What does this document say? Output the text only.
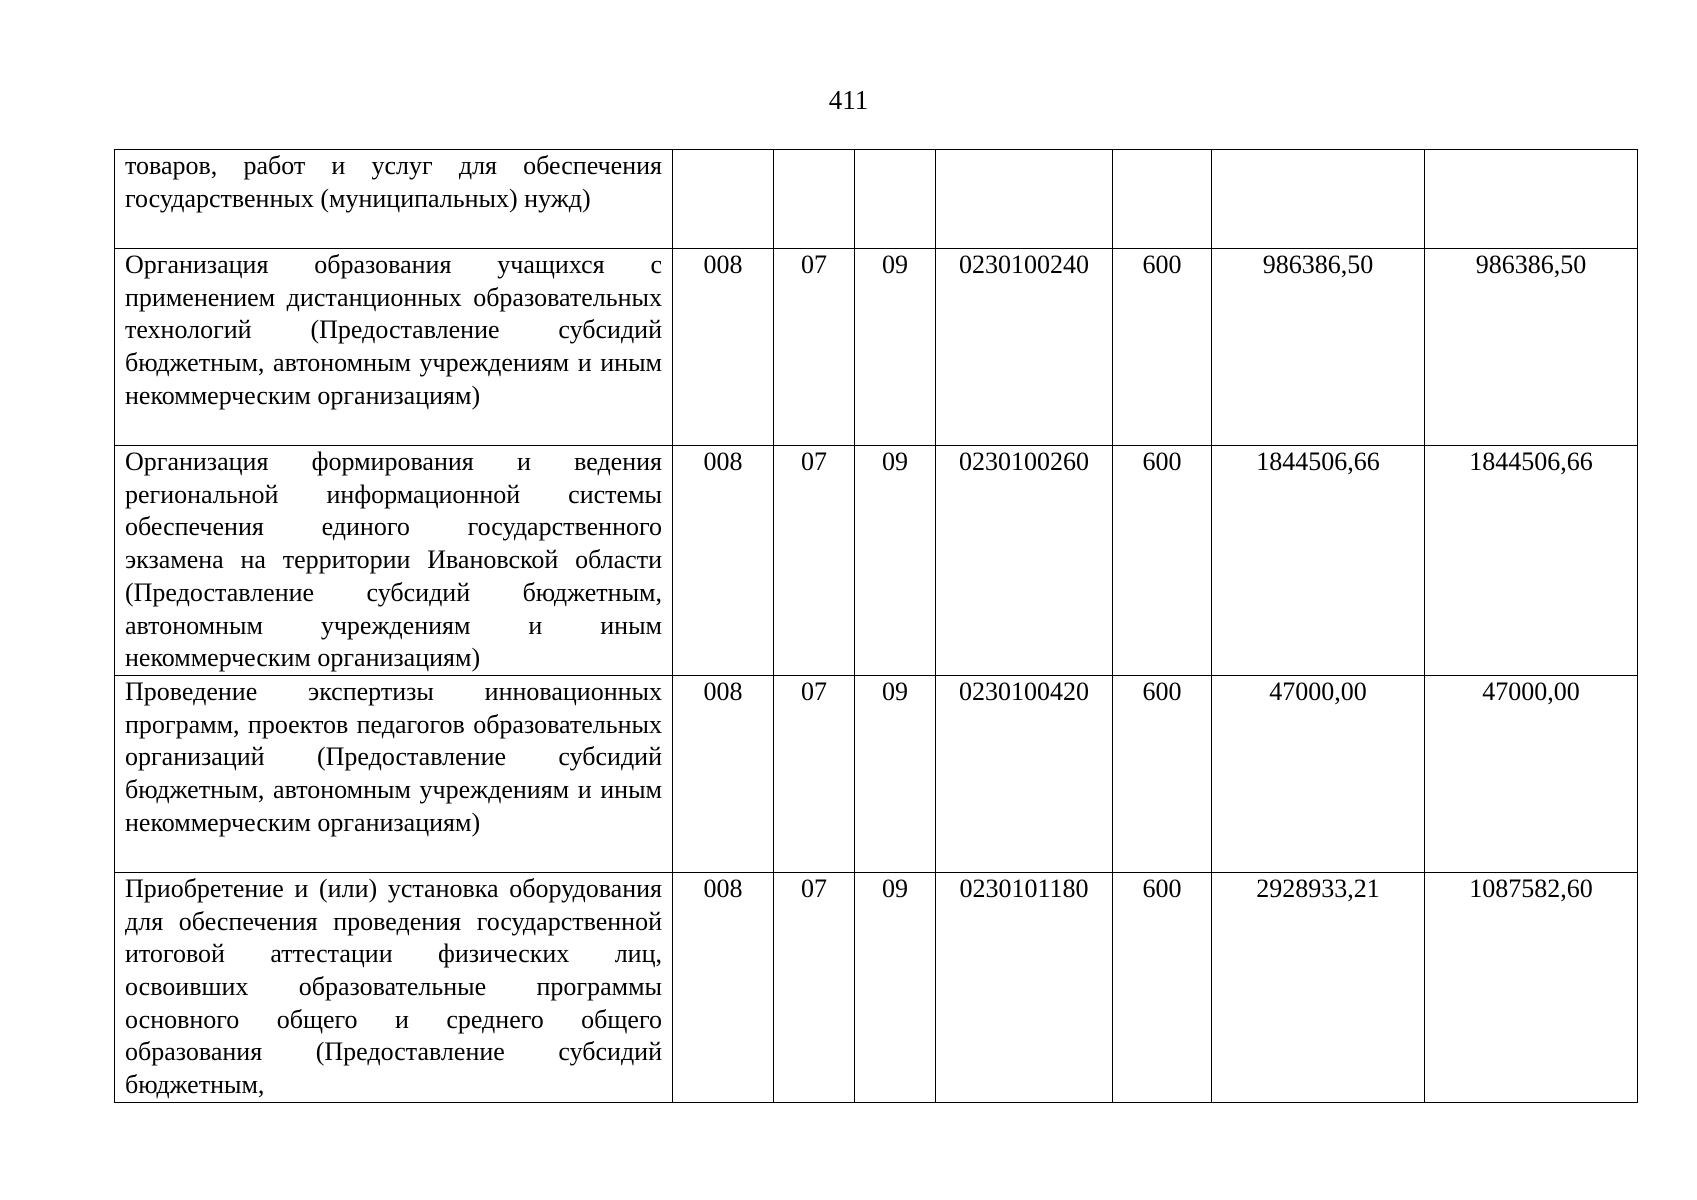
411
товаров, работ и услуг для обеспечения государственных (муниципальных) нужд)							
Организация образования учащихся с применением дистанционных образовательных технологий (Предоставление субсидий бюджетным, автономным учреждениям и иным некоммерческим организациям)	008	07	09	0230100240	600	986386,50	986386,50
Организация формирования и ведения региональной информационной системы обеспечения единого государственного экзамена на территории Ивановской области (Предоставление субсидий бюджетным, автономным учреждениям и иным некоммерческим организациям)	008	07	09	0230100260	600	1844506,66	1844506,66
Проведение экспертизы инновационных программ, проектов педагогов образовательных организаций (Предоставление субсидий бюджетным, автономным учреждениям и иным некоммерческим организациям)	008	07	09	0230100420	600	47000,00	47000,00
Приобретение и (или) установка оборудования для обеспечения проведения государственной итоговой аттестации физических лиц, освоивших образовательные программы основного общего и среднего общего образования (Предоставление субсидий бюджетным,	008	07	09	0230101180	600	2928933,21	1087582,60
